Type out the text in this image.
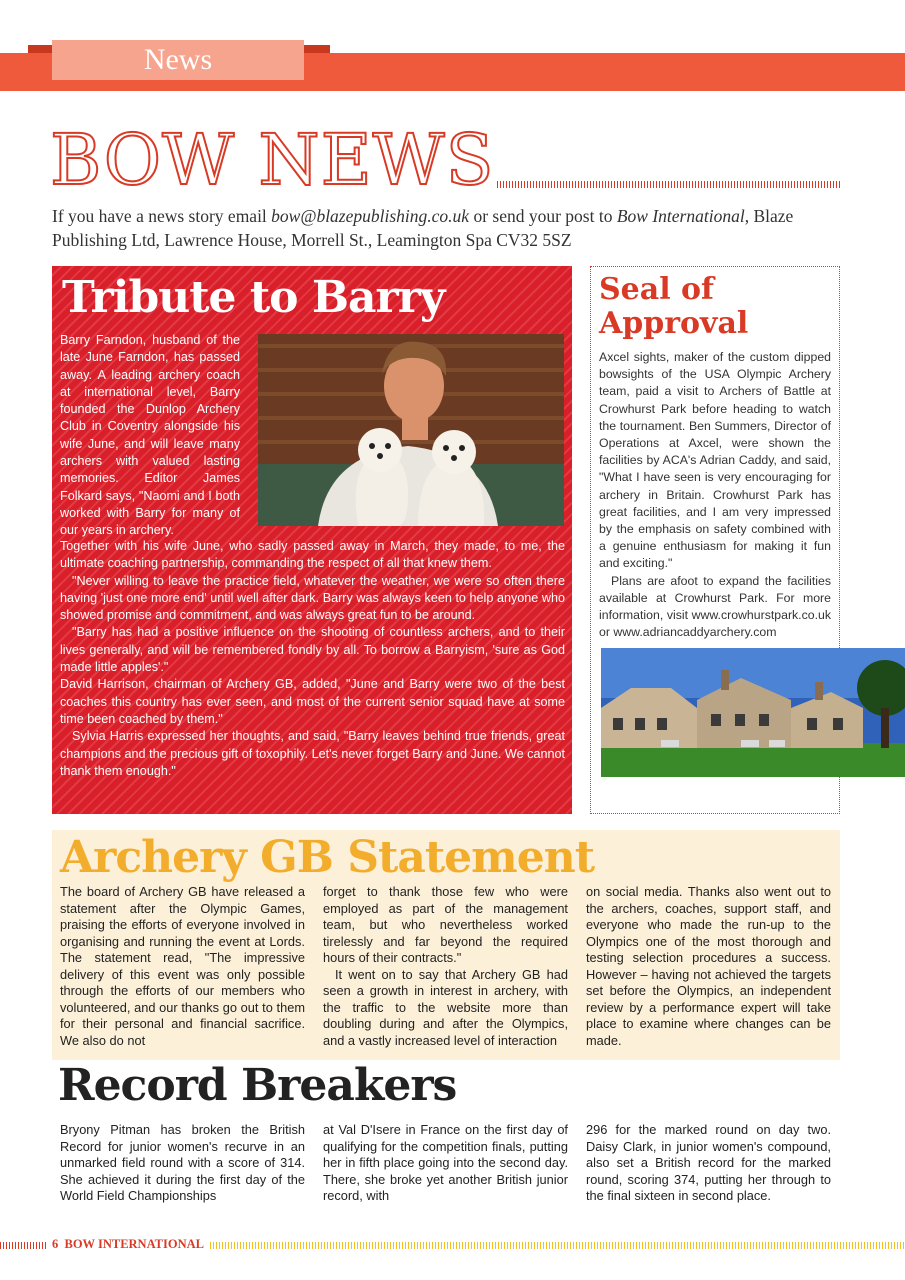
News
BOW NEWS

If you have a news story email bow@blazepublishing.co.uk or send your post to Bow International, Blaze Publishing Ltd, Lawrence House, Morrell St., Leamington Spa CV32 5SZ

Tribute to Barry

Barry Farndon, husband of the late June Farndon, has passed away. A leading archery coach at international level, Barry founded the Dunlop Archery Club in Coventry alongside his wife June, and will leave many archers with valued lasting memories. Editor James Folkard says, "Naomi and I both worked with Barry for many of our years in archery.

Together with his wife June, who sadly passed away in March, they made, to me, the ultimate coaching partnership, commanding the respect of all that knew them.

"Never willing to leave the practice field, whatever the weather, we were so often there having 'just one more end' until well after dark. Barry was always keen to help anyone who showed promise and commitment, and was always great fun to be around.

"Barry has had a positive influence on the shooting of countless archers, and to their lives generally, and will be remembered fondly by all. To borrow a Barryism, 'sure as God made little apples'."

David Harrison, chairman of Archery GB, added, "June and Barry were two of the best coaches this country has ever seen, and most of the current senior squad have at some time been coached by them."

Sylvia Harris expressed her thoughts, and said, "Barry leaves behind true friends, great champions and the precious gift of toxophily. Let's never forget Barry and June. We cannot thank them enough."

Seal of Approval

Axcel sights, maker of the custom dipped bowsights of the USA Olympic Archery team, paid a visit to Archers of Battle at Crowhurst Park before heading to watch the tournament. Ben Summers, Director of Operations at Axcel, were shown the facilities by ACA's Adrian Caddy, and said, "What I have seen is very encouraging for archery in Britain. Crowhurst Park has great facilities, and I am very impressed by the emphasis on safety combined with a genuine enthusiasm for making it fun and exciting."

Plans are afoot to expand the facilities available at Crowhurst Park. For more information, visit www.crowhurstpark.co.uk or www.adriancaddyarchery.com

Archery GB Statement
The board of Archery GB have released a statement after the Olympic Games, praising the efforts of everyone involved in organising and running the event at Lords. The statement read, "The impressive delivery of this event was only possible through the efforts of our members who volunteered, and our thanks go out to them for their personal and financial sacrifice. We also do not
forget to thank those few who were employed as part of the management team, but who nevertheless worked tirelessly and far beyond the required hours of their contracts."
It went on to say that Archery GB had seen a growth in interest in archery, with the traffic to the website more than doubling during and after the Olympics, and a vastly increased level of interaction
on social media. Thanks also went out to the archers, coaches, support staff, and everyone who made the run-up to the Olympics one of the most thorough and testing selection procedures a success. However – having not achieved the targets set before the Olympics, an independent review by a performance expert will take place to examine where changes can be made.
Record Breakers
Bryony Pitman has broken the British Record for junior women's recurve in an unmarked field round with a score of 314. She achieved it during the first day of the World Field Championships
at Val D'Isere in France on the first day of qualifying for the competition finals, putting her in fifth place going into the second day. There, she broke yet another British junior record, with
296 for the marked round on day two. Daisy Clark, in junior women's compound, also set a British record for the marked round, scoring 374, putting her through to the final sixteen in second place.
6 BOW INTERNATIONAL
